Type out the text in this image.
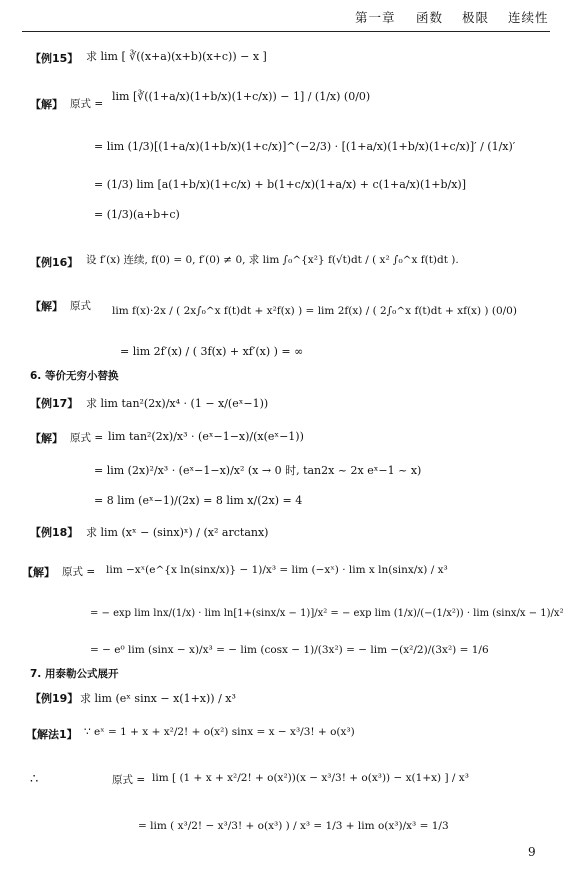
第一章 函数 极限 连续性
【例15】 求 lim [ ∛((x+a)(x+b)(x+c)) − x ]
【解】 原式 =
lim [∛((1+a/x)(1+b/x)(1+c/x)) − 1] / (1/x) (0/0)
= lim (1/3)[(1+a/x)(1+b/x)(1+c/x)]^(−2/3) · [(1+a/x)(1+b/x)(1+c/x)]′ / (1/x)′
= (1/3) lim [a(1+b/x)(1+c/x) + b(1+c/x)(1+a/x) + c(1+a/x)(1+b/x)]
= (1/3)(a+b+c)
【例16】 设 f′(x) 连续, f(0) = 0, f′(0) ≠ 0, 求 lim ∫₀^{x²} f(√t)dt / ( x² ∫₀^x f(t)dt ).
【解】 原式 lim f(x)·2x / ( 2x∫₀^x f(t)dt + x²f(x) ) = lim 2f(x) / ( 2∫₀^x f(t)dt + xf(x) ) (0/0)
= lim 2f′(x) / ( 3f(x) + xf′(x) ) = ∞
6. 等价无穷小替换
【例17】 求 lim tan²(2x)/x⁴ · (1 − x/(eˣ−1))
【解】 原式 = lim tan²(2x)/x³ · (eˣ−1−x)/(x(eˣ−1))
= lim (2x)²/x³ · (eˣ−1−x)/x² (x → 0 时, tan2x ~ 2x eˣ−1 ~ x)
= 8 lim (eˣ−1)/(2x) = 8 lim x/(2x) = 4
【例18】 求 lim (xˣ − (sinx)ˣ) / (x² arctanx)
【解】 原式 = lim −xˣ(e^{x ln(sinx/x)} − 1)/x³ = lim (−xˣ) · lim x ln(sinx/x) / x³
= − exp lim lnx/(1/x) · lim ln[1+(sinx/x − 1)]/x² = − exp lim (1/x)/(−(1/x²)) · lim (sinx/x − 1)/x²
= − e⁰ lim (sinx − x)/x³ = − lim (cosx − 1)/(3x²) = − lim −(x²/2)/(3x²) = 1/6
7. 用泰勒公式展开
【例19】 求 lim (eˣ sinx − x(1+x)) / x³
【解法1】 ∵ eˣ = 1 + x + x²/2! + o(x²) sinx = x − x³/3! + o(x³)
∴	原式 = lim [ (1 + x + x²/2! + o(x²))(x − x³/3! + o(x³)) − x(1+x) ] / x³
= lim ( x³/2! − x³/3! + o(x³) ) / x³ = 1/3 + lim o(x³)/x³ = 1/3
9
